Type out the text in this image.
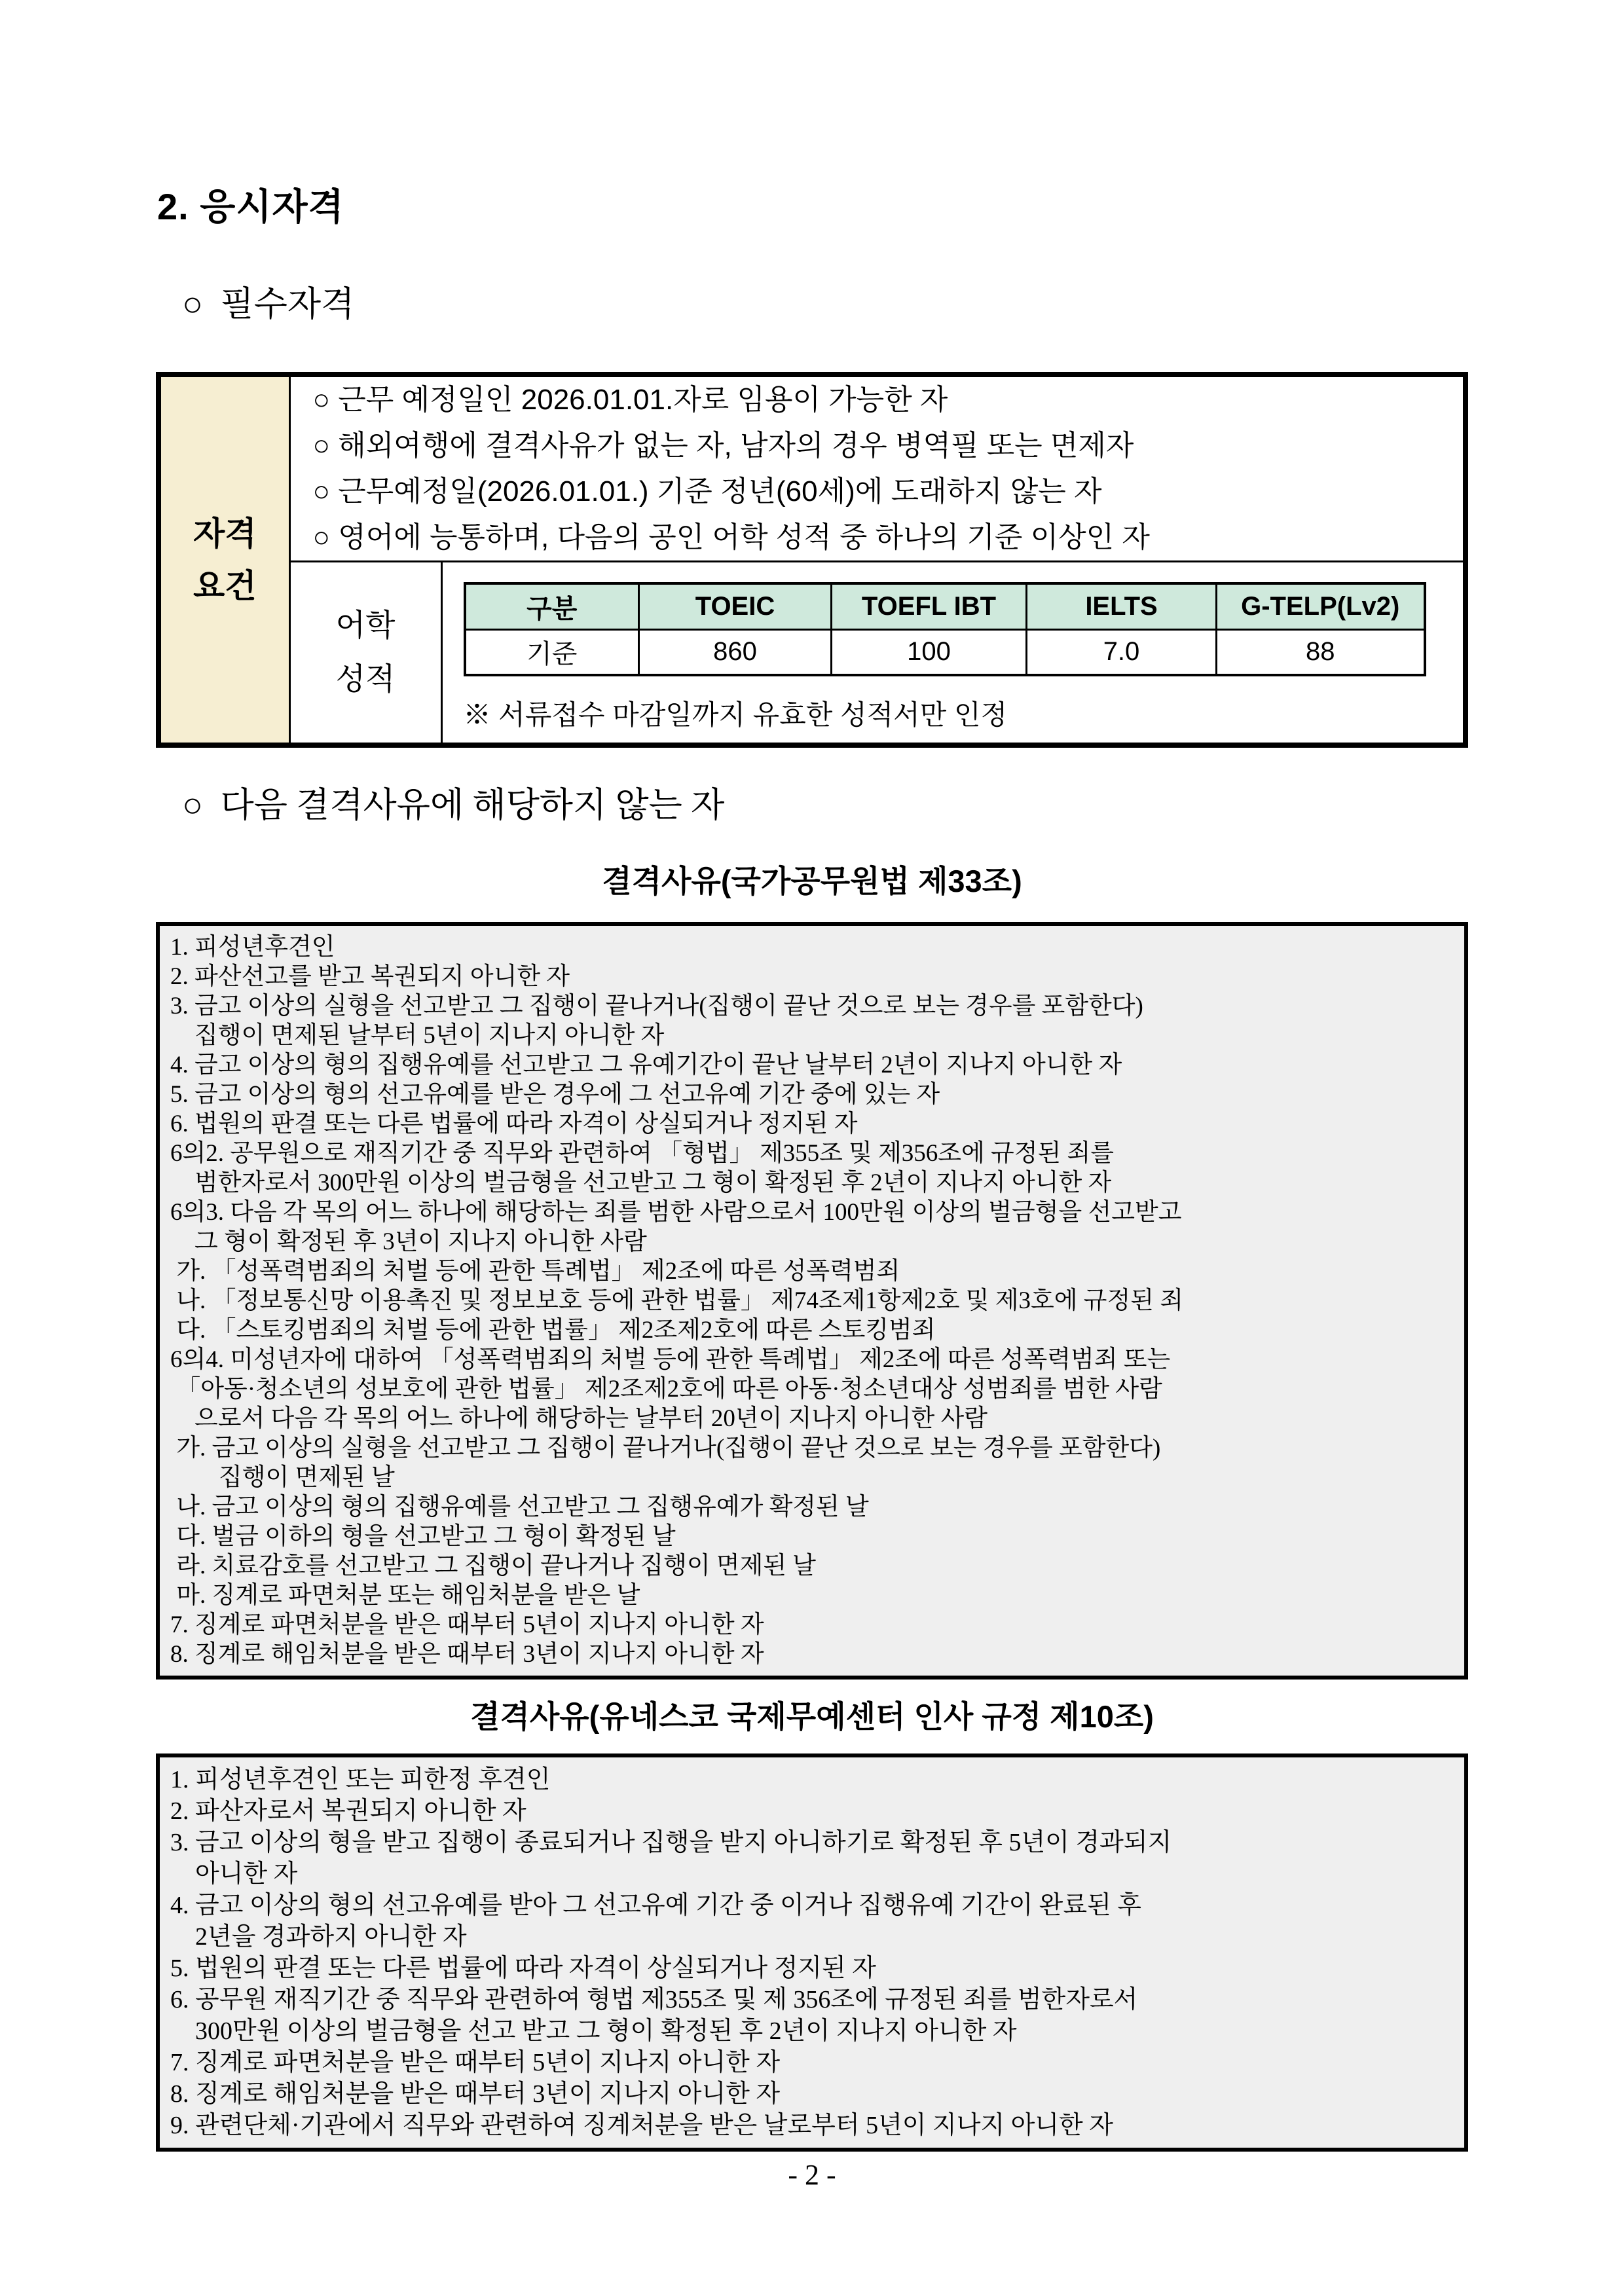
2. 응시자격
○  필수자격
자격
요건

○ 근무 예정일인 2026.01.01.자로 임용이 가능한 자
○ 해외여행에 결격사유가 없는 자, 남자의 경우 병역필 또는 면제자
○ 근무예정일(2026.01.01.) 기준 정년(60세)에 도래하지 않는 자
○ 영어에 능통하며, 다음의 공인 어학 성적 중 하나의 기준 이상인 자

어학
성적

구분	TOEIC	TOEFL IBT	IELTS	G-TELP(Lv2)
기준	860	100	7.0	88
※ 서류접수 마감일까지 유효한 성적서만 인정
○  다음 결격사유에 해당하지 않는 자
결격사유(국가공무원법 제33조)
1. 피성년후견인
2. 파산선고를 받고 복권되지 아니한 자
3. 금고 이상의 실형을 선고받고 그 집행이 끝나거나(집행이 끝난 것으로 보는 경우를 포함한다)
　집행이 면제된 날부터 5년이 지나지 아니한 자
4. 금고 이상의 형의 집행유예를 선고받고 그 유예기간이 끝난 날부터 2년이 지나지 아니한 자
5. 금고 이상의 형의 선고유예를 받은 경우에 그 선고유예 기간 중에 있는 자
6. 법원의 판결 또는 다른 법률에 따라 자격이 상실되거나 정지된 자
6의2. 공무원으로 재직기간 중 직무와 관련하여 「형법」 제355조 및 제356조에 규정된 죄를
　범한자로서 300만원 이상의 벌금형을 선고받고 그 형이 확정된 후 2년이 지나지 아니한 자
6의3. 다음 각 목의 어느 하나에 해당하는 죄를 범한 사람으로서 100만원 이상의 벌금형을 선고받고
　그 형이 확정된 후 3년이 지나지 아니한 사람
가. 「성폭력범죄의 처벌 등에 관한 특례법」 제2조에 따른 성폭력범죄
나. 「정보통신망 이용촉진 및 정보보호 등에 관한 법률」 제74조제1항제2호 및 제3호에 규정된 죄
다. 「스토킹범죄의 처벌 등에 관한 법률」 제2조제2호에 따른 스토킹범죄
6의4. 미성년자에 대하여 「성폭력범죄의 처벌 등에 관한 특례법」 제2조에 따른 성폭력범죄 또는
「아동·청소년의 성보호에 관한 법률」 제2조제2호에 따른 아동·청소년대상 성범죄를 범한 사람
　으로서 다음 각 목의 어느 하나에 해당하는 날부터 20년이 지나지 아니한 사람
가. 금고 이상의 실형을 선고받고 그 집행이 끝나거나(집행이 끝난 것으로 보는 경우를 포함한다)
　　집행이 면제된 날
나. 금고 이상의 형의 집행유예를 선고받고 그 집행유예가 확정된 날
다. 벌금 이하의 형을 선고받고 그 형이 확정된 날
라. 치료감호를 선고받고 그 집행이 끝나거나 집행이 면제된 날
마. 징계로 파면처분 또는 해임처분을 받은 날
7. 징계로 파면처분을 받은 때부터 5년이 지나지 아니한 자
8. 징계로 해임처분을 받은 때부터 3년이 지나지 아니한 자
결격사유(유네스코 국제무예센터 인사 규정 제10조)
1. 피성년후견인 또는 피한정 후견인
2. 파산자로서 복권되지 아니한 자
3. 금고 이상의 형을 받고 집행이 종료되거나 집행을 받지 아니하기로 확정된 후 5년이 경과되지
　아니한 자
4. 금고 이상의 형의 선고유예를 받아 그 선고유예 기간 중 이거나 집행유예 기간이 완료된 후
　2년을 경과하지 아니한 자
5. 법원의 판결 또는 다른 법률에 따라 자격이 상실되거나 정지된 자
6. 공무원 재직기간 중 직무와 관련하여 형법 제355조 및 제 356조에 규정된 죄를 범한자로서
　300만원 이상의 벌금형을 선고 받고 그 형이 확정된 후 2년이 지나지 아니한 자
7. 징계로 파면처분을 받은 때부터 5년이 지나지 아니한 자
8. 징계로 해임처분을 받은 때부터 3년이 지나지 아니한 자
9. 관련단체·기관에서 직무와 관련하여 징계처분을 받은 날로부터 5년이 지나지 아니한 자
- 2 -
